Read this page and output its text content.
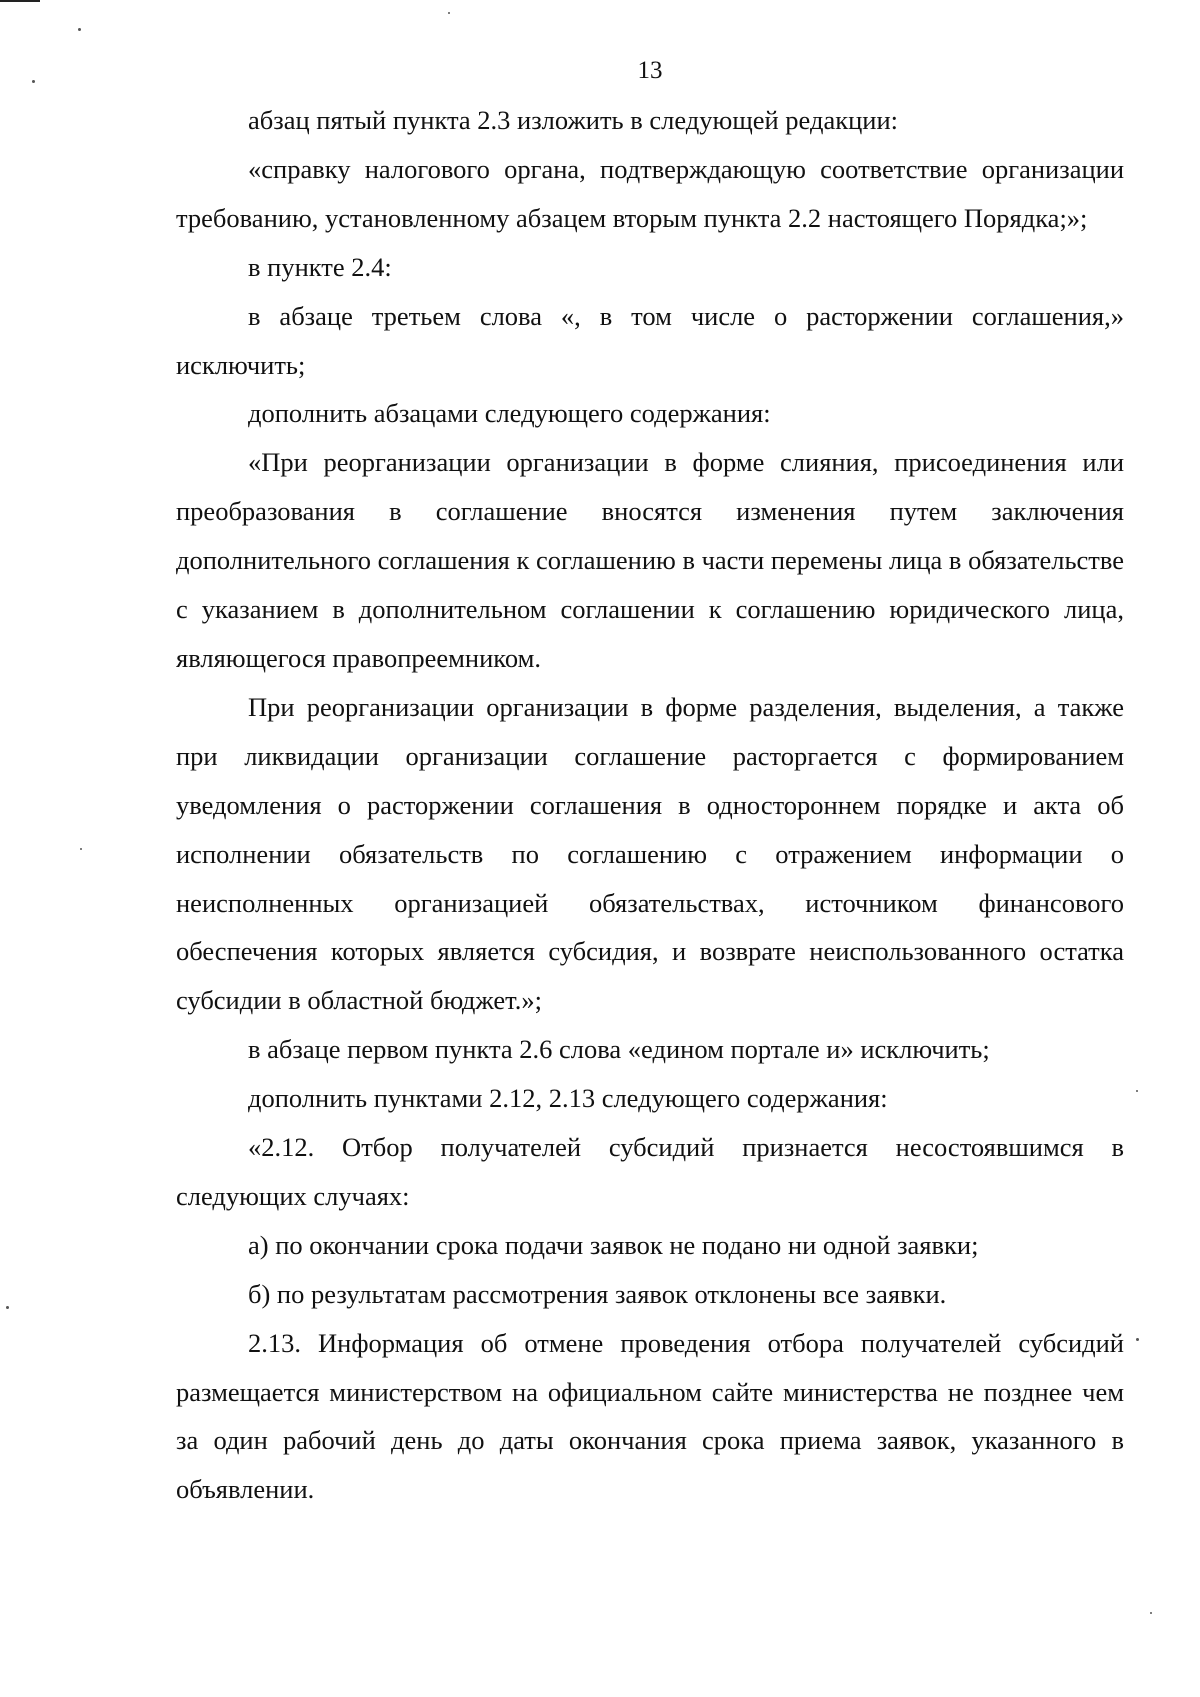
13

абзац пятый пункта 2.3 изложить в следующей редакции:

«справку налогового органа, подтверждающую соответствие организации требованию, установленному абзацем вторым пункта 2.2 настоящего Порядка;»;

в пункте 2.4:

в абзаце третьем слова «, в том числе о расторжении соглашения,» исключить;

дополнить абзацами следующего содержания:

«При реорганизации организации в форме слияния, присоединения или преобразования в соглашение вносятся изменения путем заключения дополнительного соглашения к соглашению в части перемены лица в обязательстве с указанием в дополнительном соглашении к соглашению юридического лица, являющегося правопреемником.

При реорганизации организации в форме разделения, выделения, а также при ликвидации организации соглашение расторгается с формированием уведомления о расторжении соглашения в одностороннем порядке и акта об исполнении обязательств по соглашению с отражением информации о неисполненных организацией обязательствах, источником финансового обеспечения которых является субсидия, и возврате неиспользованного остатка субсидии в областной бюджет.»;

в абзаце первом пункта 2.6 слова «едином портале и» исключить;

дополнить пунктами 2.12, 2.13 следующего содержания:

«2.12. Отбор получателей субсидий признается несостоявшимся в следующих случаях:

а) по окончании срока подачи заявок не подано ни одной заявки;

б) по результатам рассмотрения заявок отклонены все заявки.

2.13. Информация об отмене проведения отбора получателей субсидий размещается министерством на официальном сайте министерства не позднее чем за один рабочий день до даты окончания срока приема заявок, указанного в объявлении.
